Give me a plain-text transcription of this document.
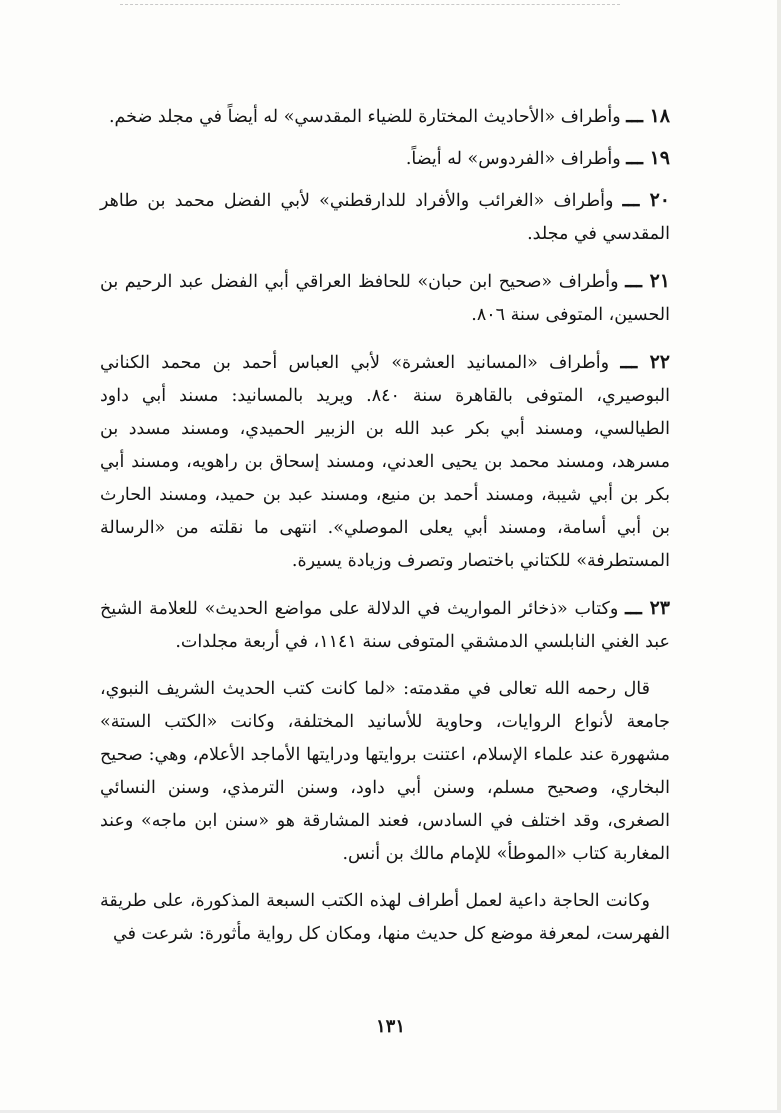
١٨ ـــ وأطراف «الأحاديث المختارة للضياء المقدسي» له أيضاً في مجلد ضخم.

١٩ ـــ وأطراف «الفردوس» له أيضاً.

٢٠ ـــ وأطراف «الغرائب والأفراد للدارقطني» لأبي الفضل محمد بن طاهر المقدسي في مجلد.

٢١ ـــ وأطراف «صحيح ابن حبان» للحافظ العراقي أبي الفضل عبد الرحيم بن الحسين، المتوفى سنة ٨٠٦.

٢٢ ـــ وأطراف «المسانيد العشرة» لأبي العباس أحمد بن محمد الكناني البوصيري، المتوفى بالقاهرة سنة ٨٤٠. ويريد بالمسانيد: مسند أبي داود الطيالسي، ومسند أبي بكر عبد الله بن الزبير الحميدي، ومسند مسدد بن مسرهد، ومسند محمد بن يحيى العدني، ومسند إسحاق بن راهويه، ومسند أبي بكر بن أبي شيبة، ومسند أحمد بن منيع، ومسند عبد بن حميد، ومسند الحارث بن أبي أسامة، ومسند أبي يعلى الموصلي». انتهى ما نقلته من «الرسالة المستطرفة» للكتاني باختصار وتصرف وزيادة يسيرة.

٢٣ ـــ وكتاب «ذخائر المواريث في الدلالة على مواضع الحديث» للعلامة الشيخ عبد الغني النابلسي الدمشقي المتوفى سنة ١١٤١، في أربعة مجلدات.

قال رحمه الله تعالى في مقدمته: «لما كانت كتب الحديث الشريف النبوي، جامعة لأنواع الروايات، وحاوية للأسانيد المختلفة، وكانت «الكتب الستة» مشهورة عند علماء الإسلام، اعتنت بروايتها ودرايتها الأماجد الأعلام، وهي: صحيح البخاري، وصحيح مسلم، وسنن أبي داود، وسنن الترمذي، وسنن النسائي الصغرى، وقد اختلف في السادس، فعند المشارقة هو «سنن ابن ماجه» وعند المغاربة كتاب «الموطأ» للإمام مالك بن أنس.

وكانت الحاجة داعية لعمل أطراف لهذه الكتب السبعة المذكورة، على طريقة الفهرست، لمعرفة موضع كل حديث منها، ومكان كل رواية مأثورة: شرعت في

١٣١
